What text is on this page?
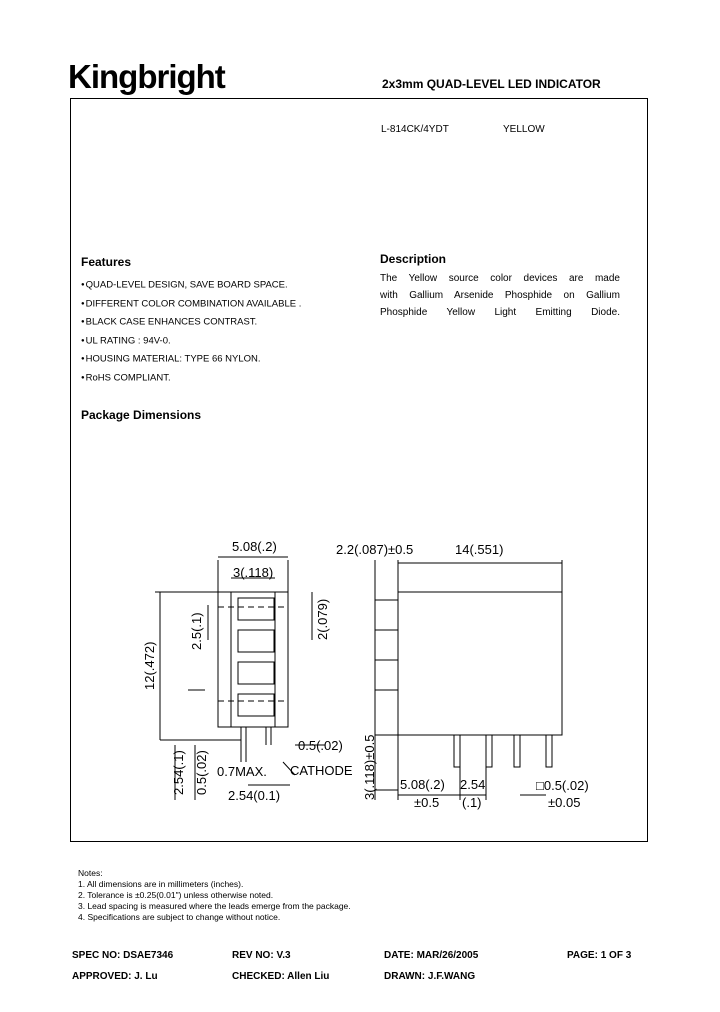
Kingbright	2x3mm QUAD-LEVEL LED INDICATOR
L-814CK/4YDT	YELLOW
Features
● QUAD-LEVEL DESIGN, SAVE BOARD SPACE.
● DIFFERENT COLOR COMBINATION AVAILABLE .
● BLACK CASE ENHANCES CONTRAST.
● UL RATING : 94V-0.
● HOUSING MATERIAL: TYPE 66 NYLON.
● RoHS COMPLIANT.
Description
The Yellow source color devices are made
with Gallium Arsenide Phosphide on Gallium
Phosphide Yellow Light Emitting Diode.
Package Dimensions
5.08(.2)
3(.118)
2.5(.1)	2(.079)
12(.472)
2.54(.1) 0.5(.02)
0.5(.02)
0.7MAX. CATHODE
2.54(0.1)
2.2(.087)±0.5	14(.551)
3(.118)±0.5 5.08(.2)
±0.5
2.54
(.1)
□0.5(.02)
±0.05
Notes:
1. All dimensions are in millimeters (inches).
2. Tolerance is ±0.25(0.01") unless otherwise noted.
3. Lead spacing is measured where the leads emerge from the package.
4. Specifications are subject to change without notice.
SPEC NO: DSAE7346	REV NO: V.3	DATE: MAR/26/2005	PAGE: 1 OF 3
APPROVED: J. Lu	CHECKED: Allen Liu	DRAWN: J.F.WANG
